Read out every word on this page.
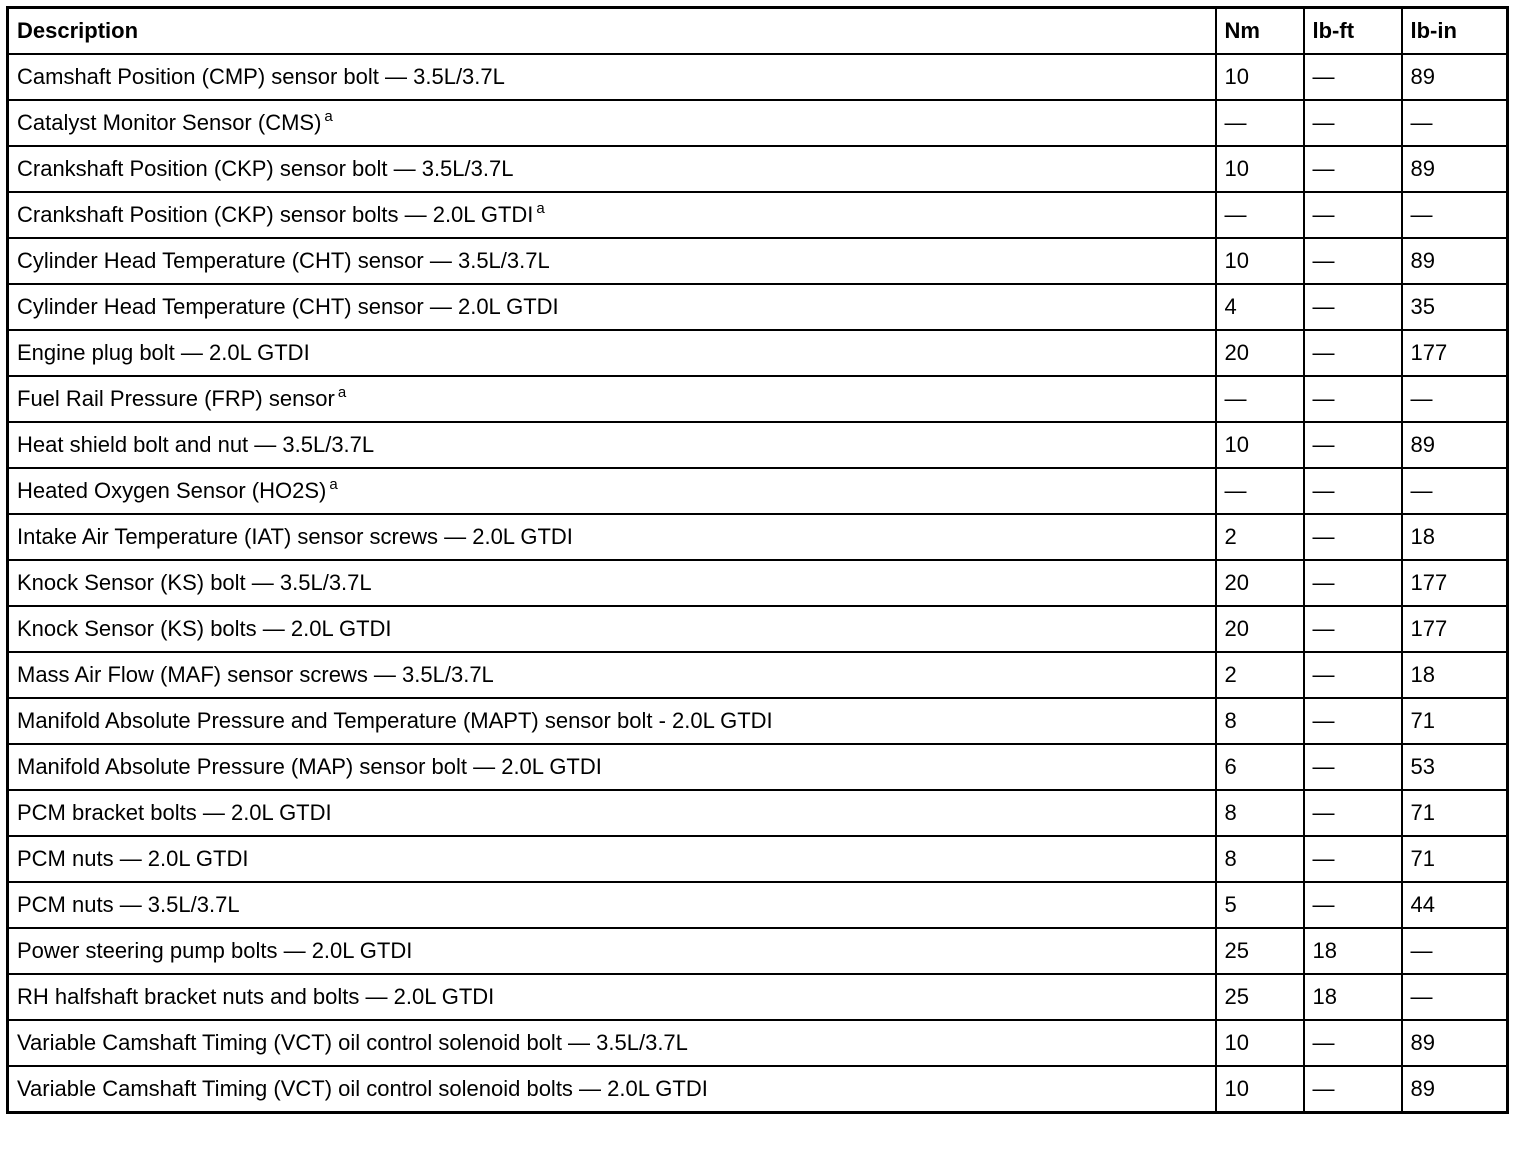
Description	Nm	lb-ft	lb-in
Camshaft Position (CMP) sensor bolt — 3.5L/3.7L	10	—	89
Catalyst Monitor Sensor (CMS) $^a$	—	—	—
Crankshaft Position (CKP) sensor bolt — 3.5L/3.7L	10	—	89
Crankshaft Position (CKP) sensor bolts — 2.0L GTDI $^a$	—	—	—
Cylinder Head Temperature (CHT) sensor — 3.5L/3.7L	10	—	89
Cylinder Head Temperature (CHT) sensor — 2.0L GTDI	4	—	35
Engine plug bolt — 2.0L GTDI	20	—	177
Fuel Rail Pressure (FRP) sensor $^a$	—	—	—
Heat shield bolt and nut — 3.5L/3.7L	10	—	89
Heated Oxygen Sensor (HO2S) $^a$	—	—	—
Intake Air Temperature (IAT) sensor screws — 2.0L GTDI	2	—	18
Knock Sensor (KS) bolt — 3.5L/3.7L	20	—	177
Knock Sensor (KS) bolts — 2.0L GTDI	20	—	177
Mass Air Flow (MAF) sensor screws — 3.5L/3.7L	2	—	18
Manifold Absolute Pressure and Temperature (MAPT) sensor bolt - 2.0L GTDI	8	—	71
Manifold Absolute Pressure (MAP) sensor bolt — 2.0L GTDI	6	—	53
PCM bracket bolts — 2.0L GTDI	8	—	71
PCM nuts — 2.0L GTDI	8	—	71
PCM nuts — 3.5L/3.7L	5	—	44
Power steering pump bolts — 2.0L GTDI	25	18	—
RH halfshaft bracket nuts and bolts — 2.0L GTDI	25	18	—
Variable Camshaft Timing (VCT) oil control solenoid bolt — 3.5L/3.7L	10	—	89
Variable Camshaft Timing (VCT) oil control solenoid bolts — 2.0L GTDI	10	—	89
